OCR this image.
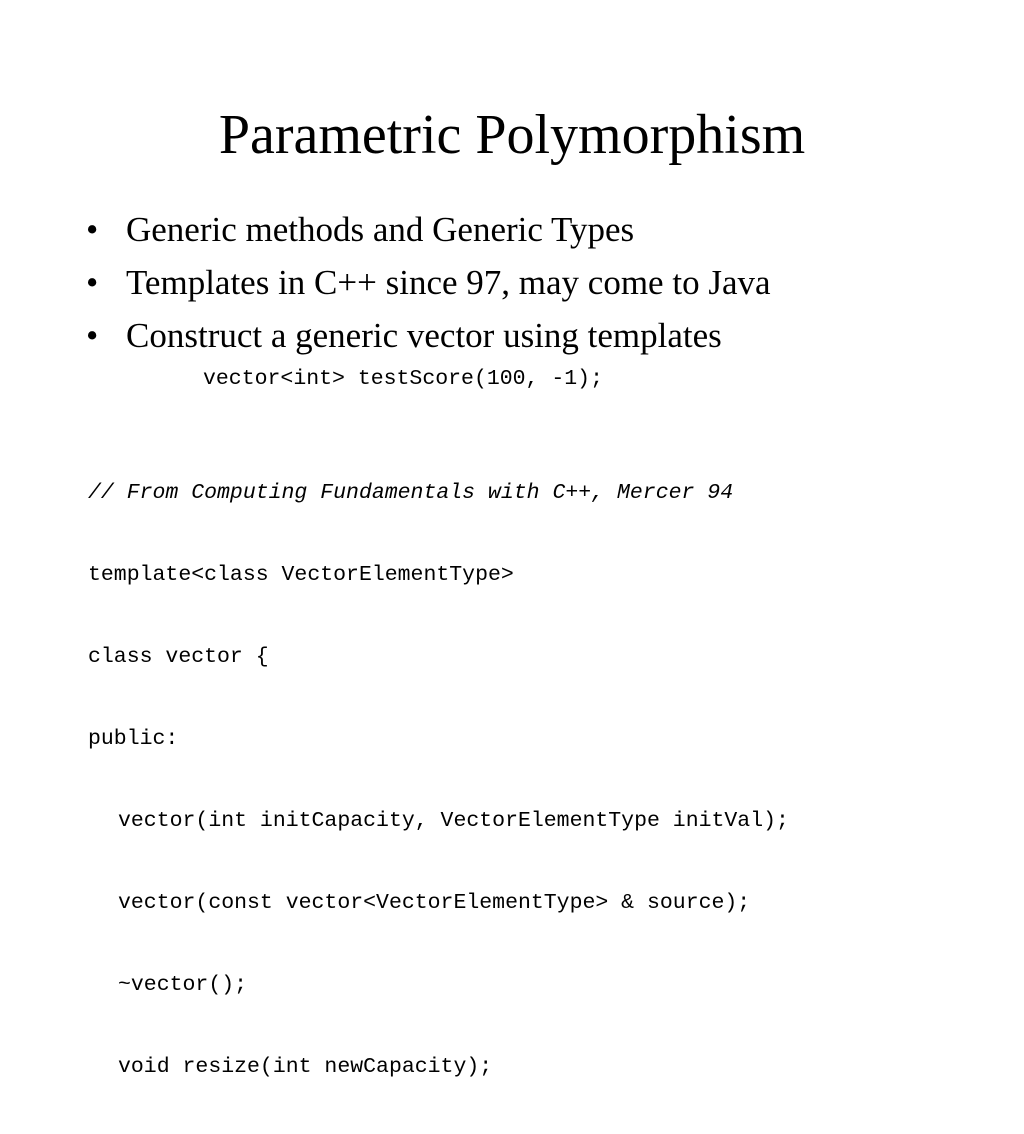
Parametric Polymorphism
• Generic methods and Generic Types
• Templates in C++ since 97, may come to Java
• Construct a generic vector using templates
vector<int> testScore(100, -1);

// From Computing Fundamentals with C++, Mercer 94

template<class VectorElementType>

class vector {

public:

vector(int initCapacity, VectorElementType initVal);

vector(const vector<VectorElementType> & source);

~vector();

void resize(int newCapacity);
